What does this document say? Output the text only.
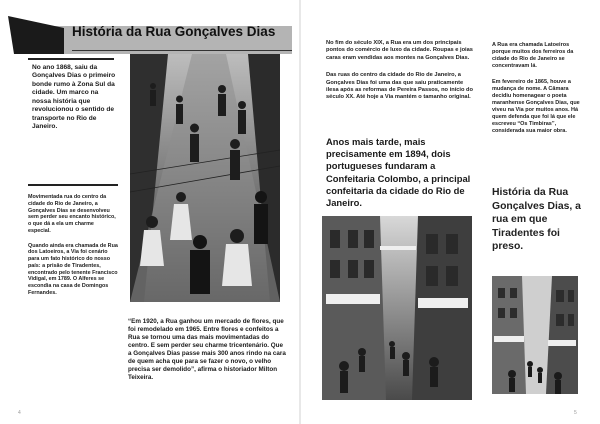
História da Rua Gonçalves Dias
No ano 1868, saiu da Gonçalves Dias o primeiro bonde rumo à Zona Sul da cidade. Um marco na nossa história que revolucionou o sentido de transporte no Rio de Janeiro.

Movimentada rua do centro da cidade do Rio de Janeiro, a Gonçalves Dias se desenvolveu sem perder seu encanto histórico, o que dá a ela um charme especial.

Quando ainda era chamada de Rua dos Latoeiros, a Via foi cenário para um fato histórico do nosso país: a prisão de Tiradentes, encontrado pelo tenente Francisco Vidigal, em 1789. O Alferes se escondia na casa de Domingos Fernandes.

“Em 1920, a Rua ganhou um mercado de flores, que foi remodelado em 1965. Entre flores e confeitos a Rua se tornou uma das mais movimentadas do centro. E sem perder seu charme tricentenário. Que a Gonçalves Dias passe mais 300 anos rindo na cara de quem acha que para se fazer o novo, o velho precisa ser demolido”, afirma o historiador Milton Teixeira.
4

No fim do século XIX, a Rua era um dos principais pontos do comércio de luxo da cidade. Roupas e joias caras eram vendidas aos montes na Gonçalves Dias.

Das ruas do centro da cidade do Rio de Janeiro, a Gonçalves Dias foi uma das que saiu praticamente ilesa após as reformas de Pereira Passos, no início do século XX. Até hoje a Via mantém o tamanho original.

Anos mais tarde, mais precisamente em 1894, dois portugueses fundaram a Confeitaria Colombo, a principal confeitaria da cidade do Rio de Janeiro.

A Rua era chamada Latoeiros porque muitos dos ferreiros da cidade do Rio de Janeiro se concentravam lá.

Em fevereiro de 1865, houve a mudança de nome. A Câmara decidiu homenagear o poeta maranhense Gonçalves Dias, que viveu na Via por muitos anos. Há quem defenda que foi lá que ele escreveu “Os Timbiras”, considerada sua maior obra.

História da Rua Gonçalves Dias, a rua em que Tiradentes foi preso.
5
